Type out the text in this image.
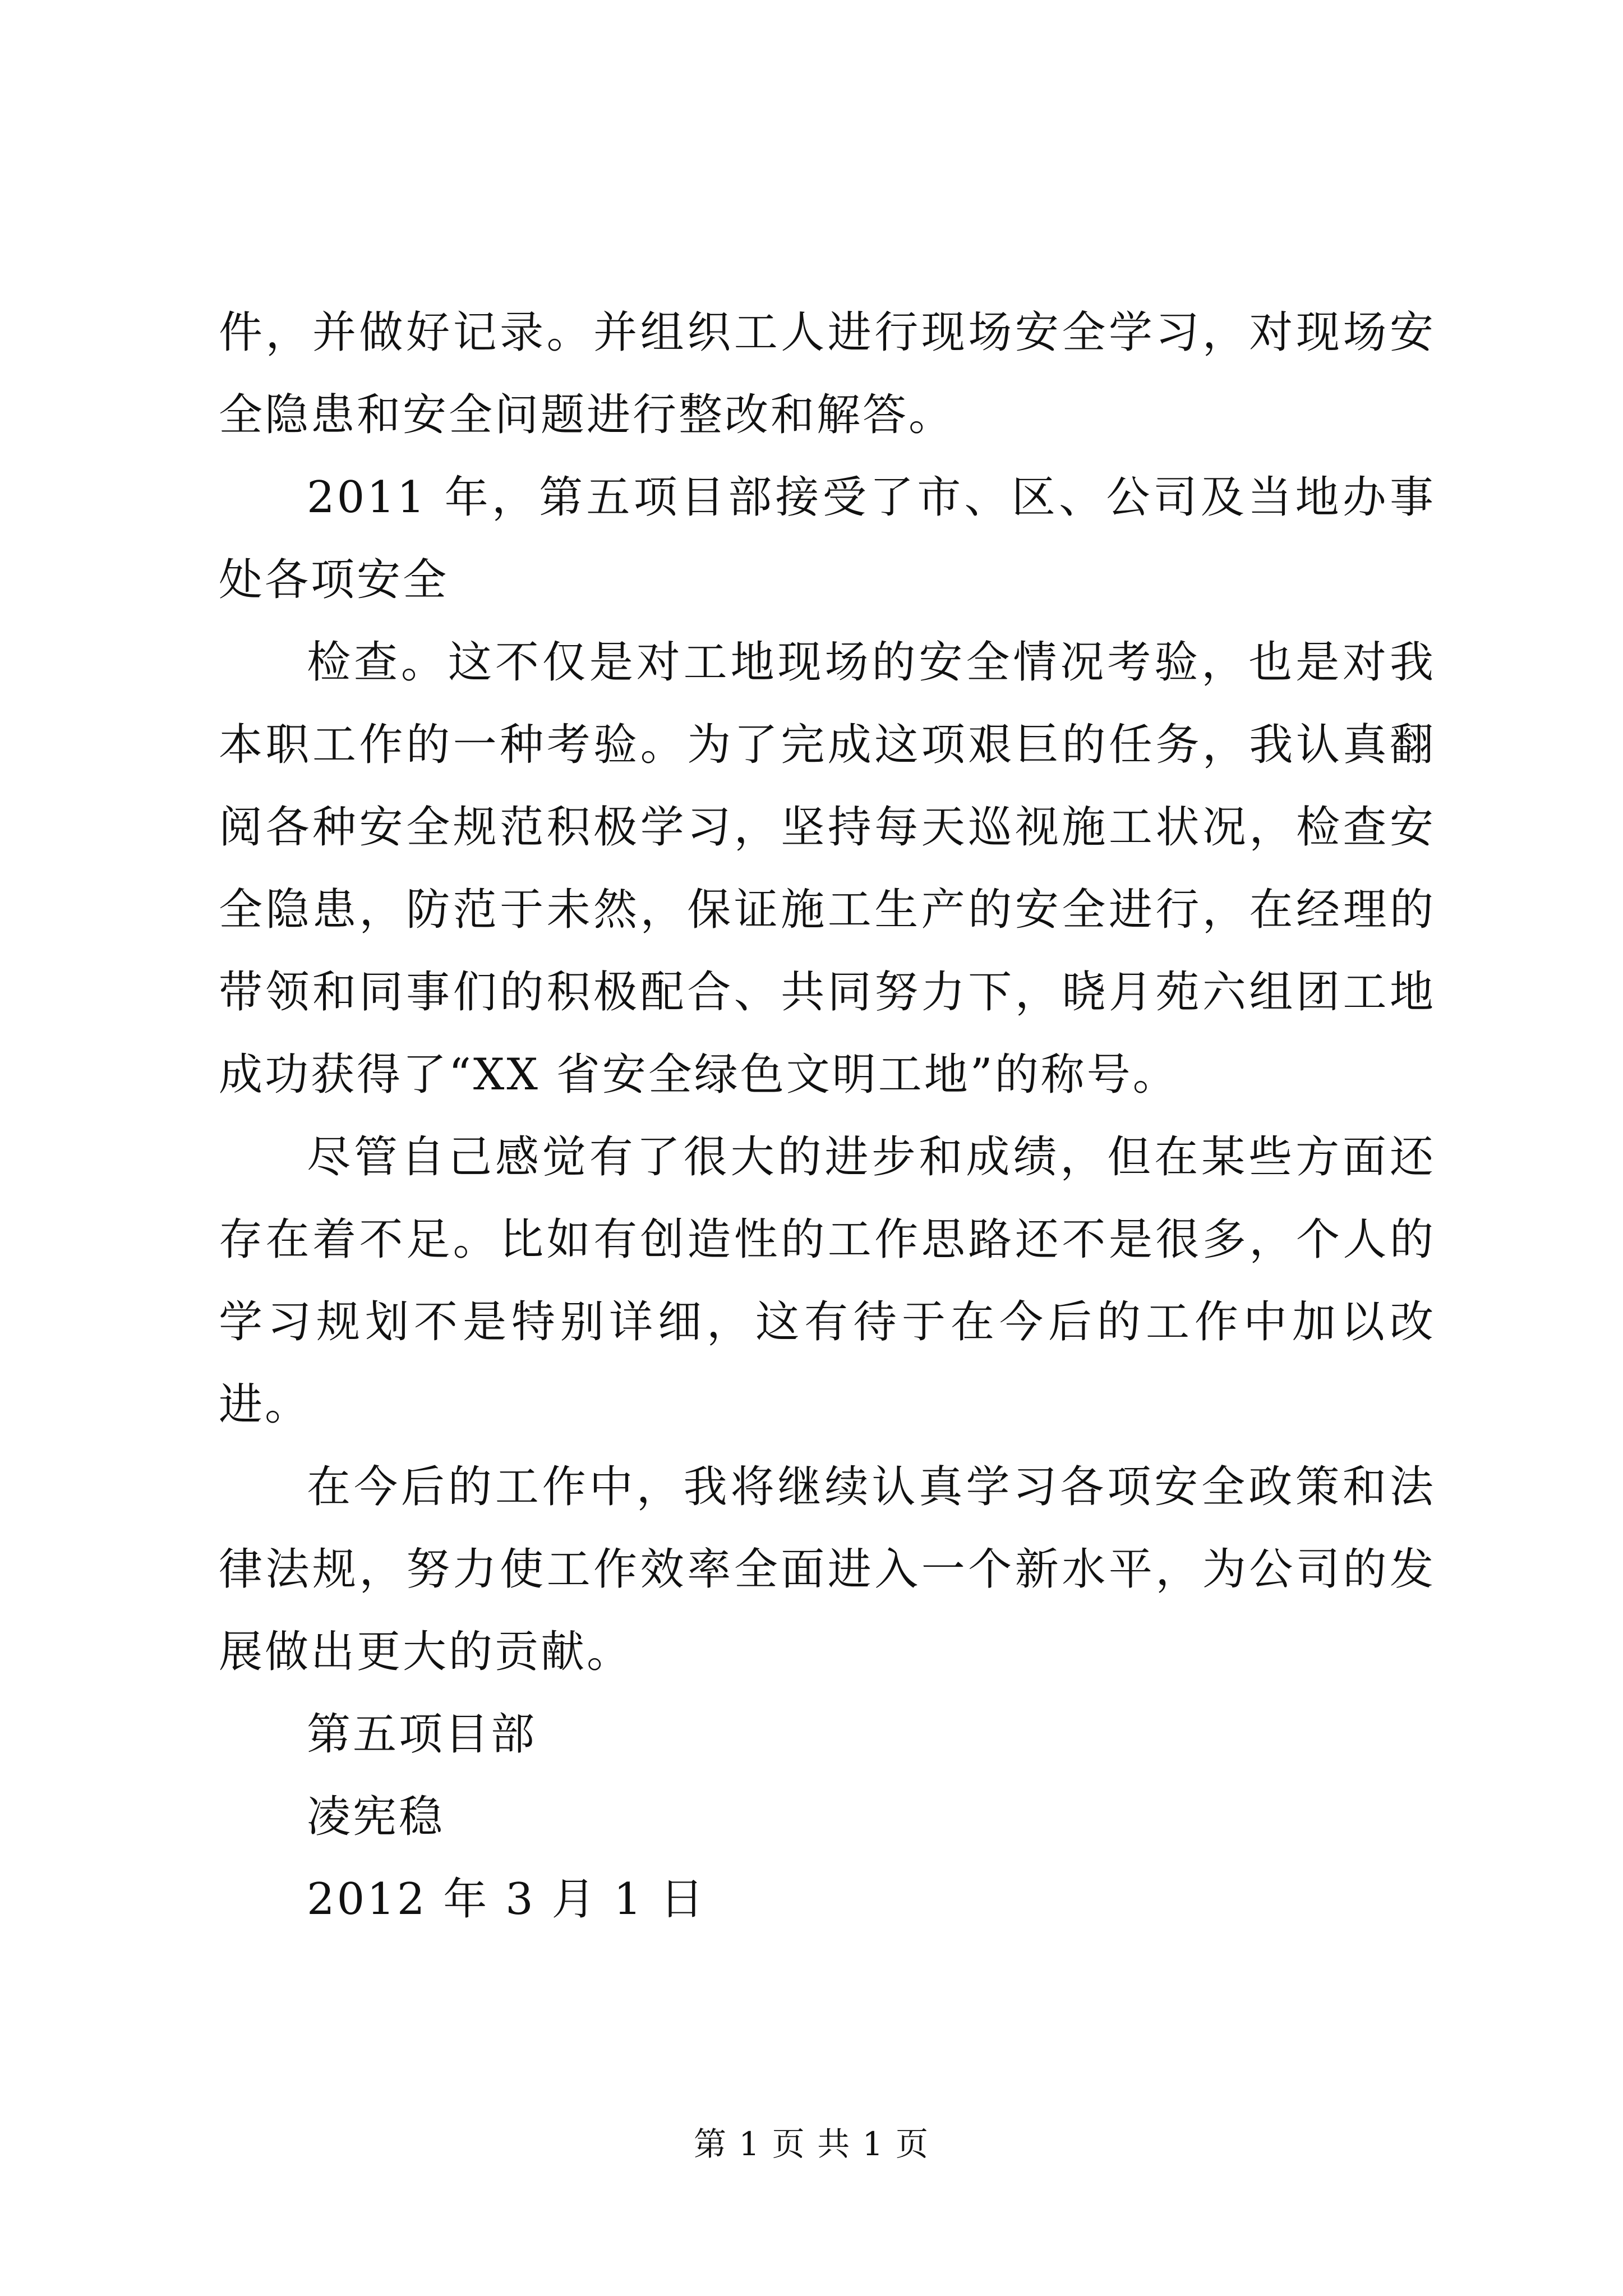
件，并做好记录。并组织工人进行现场安全学习，对现场安全隐患和安全问题进行整改和解答。

2011 年，第五项目部接受了市、区、公司及当地办事处各项安全

检查。这不仅是对工地现场的安全情况考验，也是对我本职工作的一种考验。为了完成这项艰巨的任务，我认真翻阅各种安全规范积极学习，坚持每天巡视施工状况，检查安全隐患，防范于未然，保证施工生产的安全进行，在经理的带领和同事们的积极配合、共同努力下，晓月苑六组团工地成功获得了“XX 省安全绿色文明工地”的称号。

尽管自己感觉有了很大的进步和成绩，但在某些方面还存在着不足。比如有创造性的工作思路还不是很多，个人的学习规划不是特别详细，这有待于在今后的工作中加以改进。

在今后的工作中，我将继续认真学习各项安全政策和法律法规，努力使工作效率全面进入一个新水平，为公司的发展做出更大的贡献。

第五项目部

凌宪稳

2012 年 3 月 1 日

第 1 页 共 1 页
